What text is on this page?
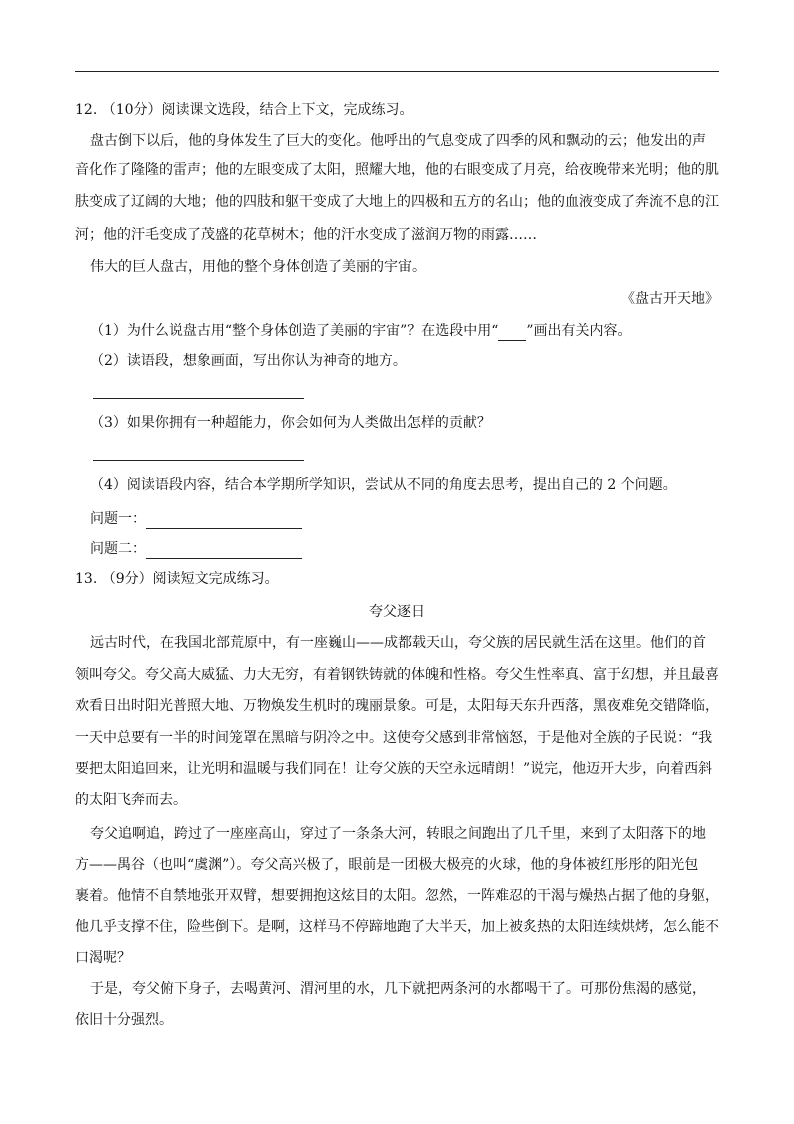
12. （10分）阅读课文选段，结合上下文，完成练习。
盘古倒下以后，他的身体发生了巨大的变化。他呼出的气息变成了四季的风和飘动的云；他发出的声
音化作了隆隆的雷声；他的左眼变成了太阳，照耀大地，他的右眼变成了月亮，给夜晚带来光明；他的肌
肤变成了辽阔的大地；他的四肢和躯干变成了大地上的四极和五方的名山；他的血液变成了奔流不息的江
河；他的汗毛变成了茂盛的花草树木；他的汗水变成了滋润万物的雨露……
伟大的巨人盘古，用他的整个身体创造了美丽的宇宙。
《盘古开天地》
（1）为什么说盘古用“整个身体创造了美丽的宇宙”？在选段中用“ ”画出有关内容。
（2）读语段，想象画面，写出你认为神奇的地方。
（3）如果你拥有一种超能力，你会如何为人类做出怎样的贡献？
（4）阅读语段内容，结合本学期所学知识，尝试从不同的角度去思考，提出自己的 2 个问题。
问题一：
问题二：
13. （9分）阅读短文完成练习。
夸父逐日
远古时代，在我国北部荒原中，有一座巍山——成都载天山，夸父族的居民就生活在这里。他们的首
领叫夸父。夸父高大威猛、力大无穷，有着钢铁铸就的体魄和性格。夸父生性率真、富于幻想，并且最喜
欢看日出时阳光普照大地、万物焕发生机时的瑰丽景象。可是，太阳每天东升西落，黑夜难免交错降临，
一天中总要有一半的时间笼罩在黑暗与阴冷之中。这使夸父感到非常恼怒，于是他对全族的子民说：“我
要把太阳追回来，让光明和温暖与我们同在！让夸父族的天空永远晴朗！”说完，他迈开大步，向着西斜
的太阳飞奔而去。
夸父追啊追，跨过了一座座高山，穿过了一条条大河，转眼之间跑出了几千里，来到了太阳落下的地
方——禺谷（也叫“虞渊”）。夸父高兴极了，眼前是一团极大极亮的火球，他的身体被红彤彤的阳光包
裹着。他情不自禁地张开双臂，想要拥抱这炫目的太阳。忽然，一阵难忍的干渴与燥热占据了他的身躯，
他几乎支撑不住，险些倒下。是啊，这样马不停蹄地跑了大半天，加上被炙热的太阳连续烘烤，怎么能不
口渴呢？
于是，夸父俯下身子，去喝黄河、渭河里的水，几下就把两条河的水都喝干了。可那份焦渴的感觉，
依旧十分强烈。
